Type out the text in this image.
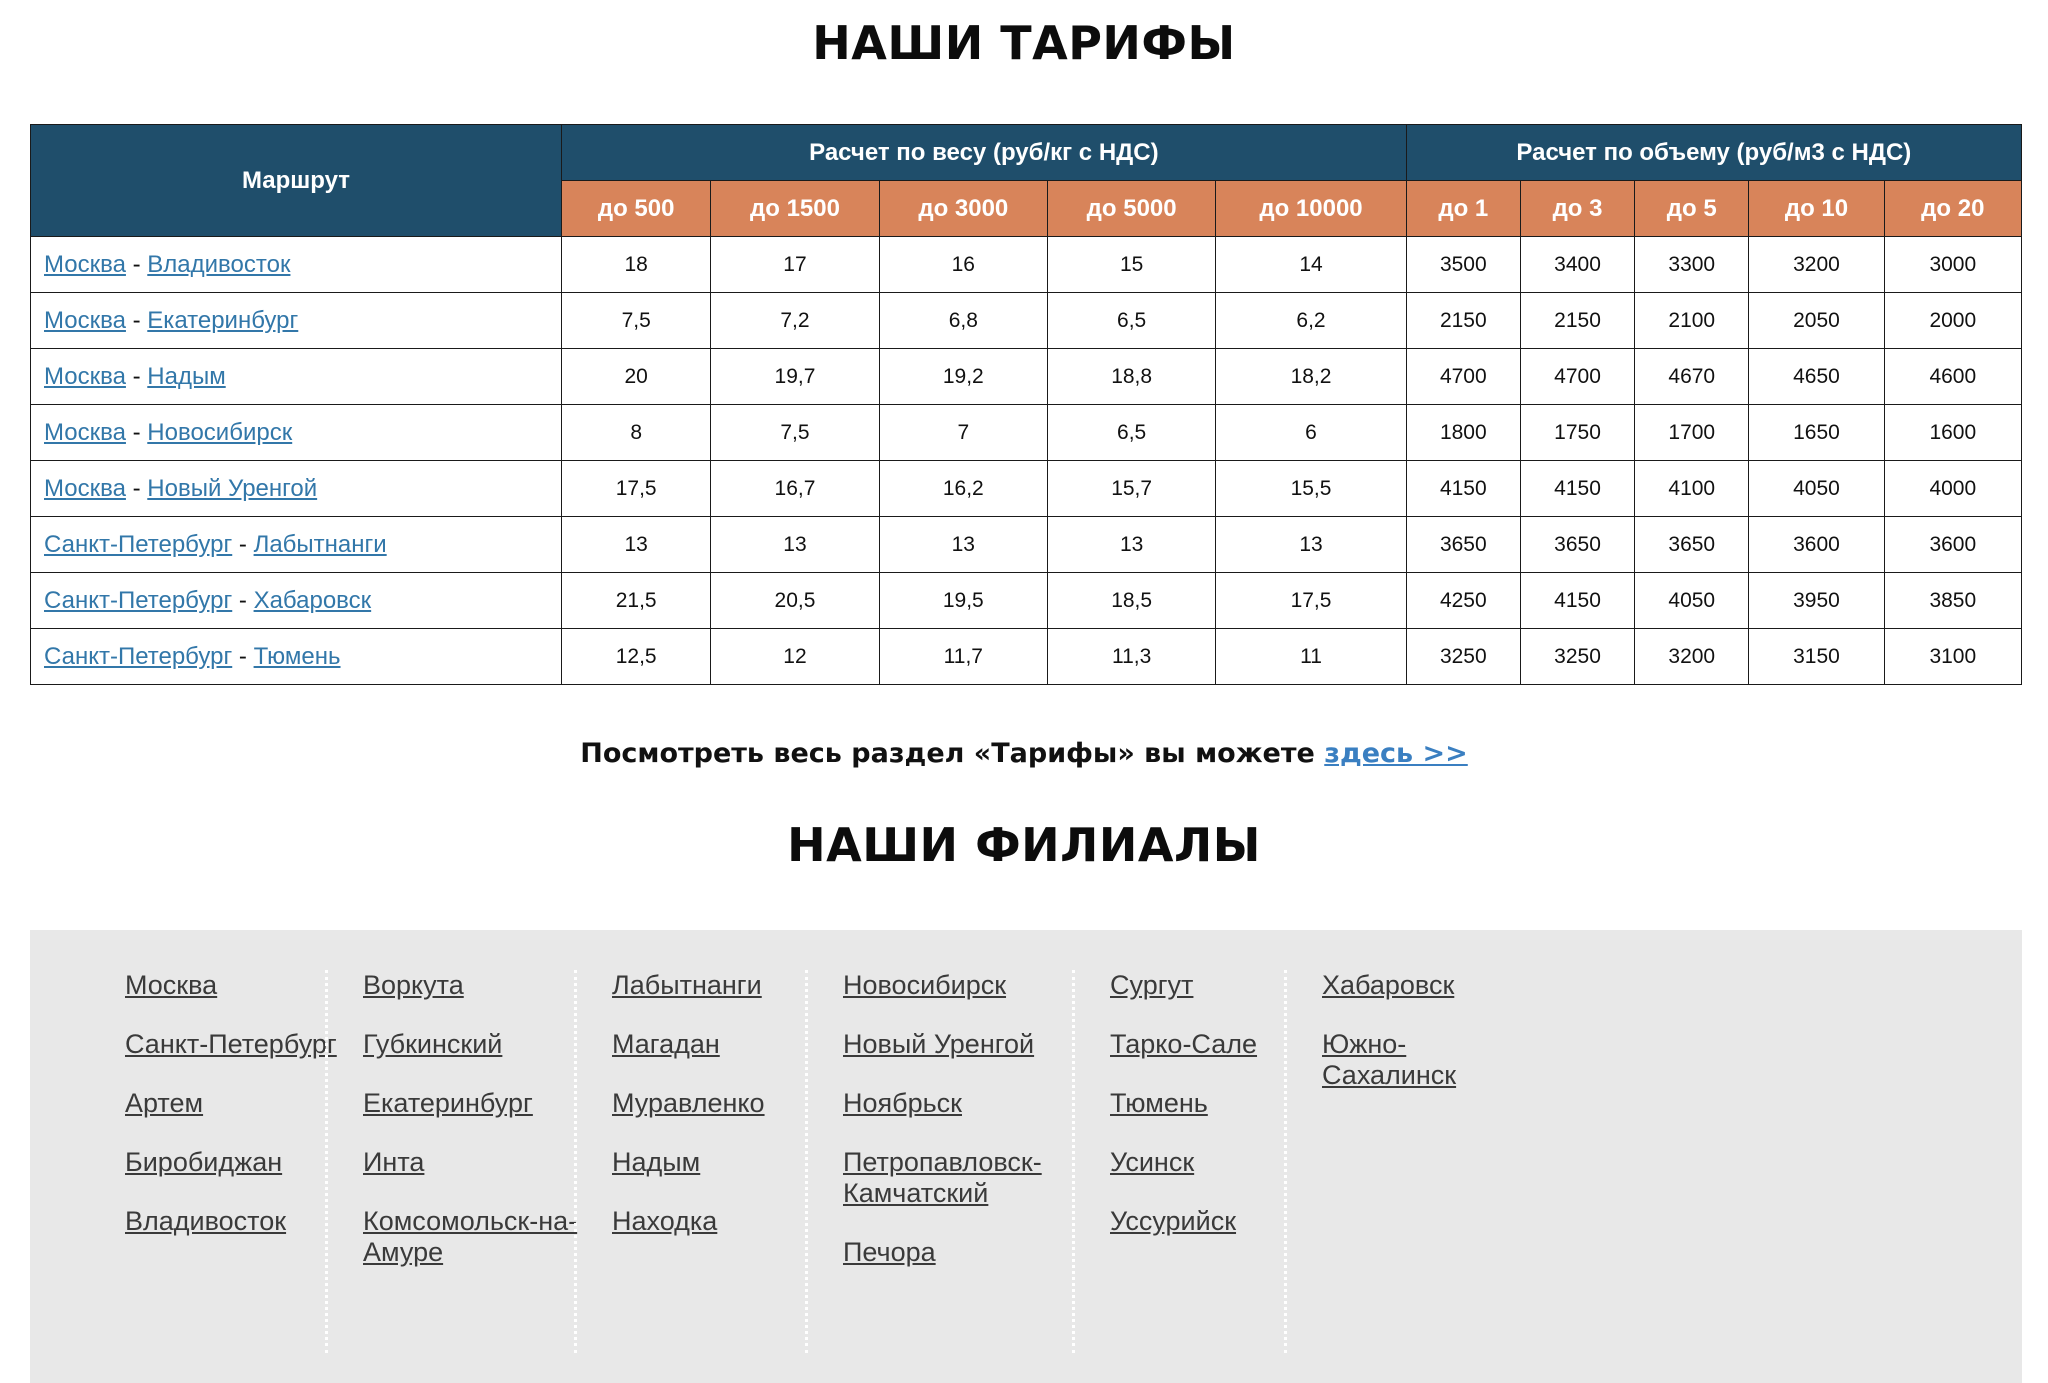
НАШИ ТАРИФЫ
Маршрут	Расчет по весу (руб/кг с НДС)					Расчет по объему (руб/м3 с НДС)				
	до 500	до 1500	до 3000	до 5000	до 10000	до 1	до 3	до 5	до 10	до 20
Москва - Владивосток	18	17	16	15	14	3500	3400	3300	3200	3000
Москва - Екатеринбург	7,5	7,2	6,8	6,5	6,2	2150	2150	2100	2050	2000
Москва - Надым	20	19,7	19,2	18,8	18,2	4700	4700	4670	4650	4600
Москва - Новосибирск	8	7,5	7	6,5	6	1800	1750	1700	1650	1600
Москва - Новый Уренгой	17,5	16,7	16,2	15,7	15,5	4150	4150	4100	4050	4000
Санкт-Петербург - Лабытнанги	13	13	13	13	13	3650	3650	3650	3600	3600
Санкт-Петербург - Хабаровск	21,5	20,5	19,5	18,5	17,5	4250	4150	4050	3950	3850
Санкт-Петербург - Тюмень	12,5	12	11,7	11,3	11	3250	3250	3200	3150	3100
Посмотреть весь раздел «Тарифы» вы можете здесь >>
НАШИ ФИЛИАЛЫ
Москва
Санкт-Петербург
Артем
Биробиджан
Владивосток
Воркута
Губкинский
Екатеринбург
Инта
Комсомольск-на-Амуре
Лабытнанги
Магадан
Муравленко
Надым
Находка
Новосибирск
Новый Уренгой
Ноябрьск
Петропавловск-Камчатский
Печора
Сургут
Тарко-Сале
Тюмень
Усинск
Уссурийск
Хабаровск
Южно-Сахалинск
